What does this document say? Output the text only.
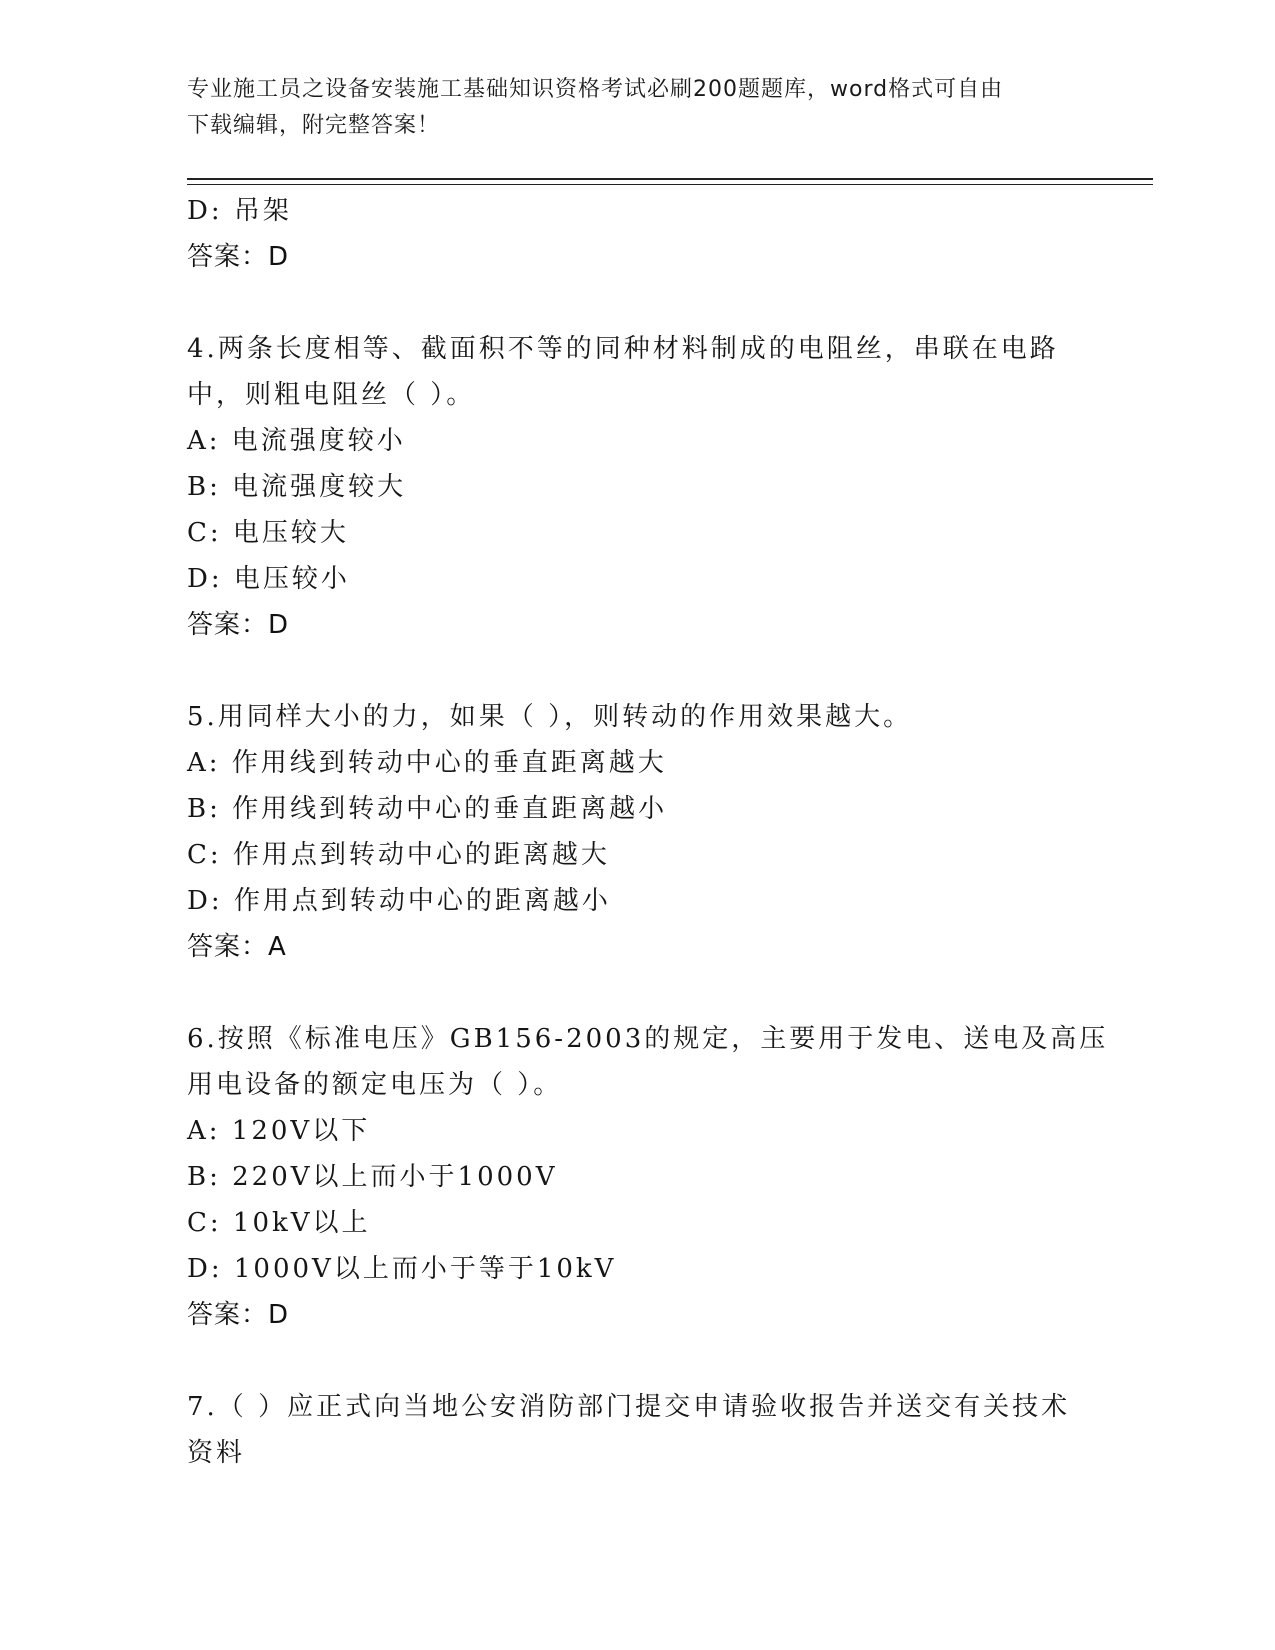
专业施工员之设备安装施工基础知识资格考试必刷200题题库，word格式可自由
下载编辑，附完整答案！
D: 吊架
答案：D
4.两条长度相等、截面积不等的同种材料制成的电阻丝，串联在电路
中，则粗电阻丝（ ）。
A: 电流强度较小
B: 电流强度较大
C: 电压较大
D: 电压较小
答案：D
5.用同样大小的力，如果（ ），则转动的作用效果越大。
A: 作用线到转动中心的垂直距离越大
B: 作用线到转动中心的垂直距离越小
C: 作用点到转动中心的距离越大
D: 作用点到转动中心的距离越小
答案：A
6.按照《标准电压》GB156-2003的规定，主要用于发电、送电及高压
用电设备的额定电压为（ ）。
A: 120V以下
B: 220V以上而小于1000V
C: 10kV以上
D: 1000V以上而小于等于10kV
答案：D
7.（ ）应正式向当地公安消防部门提交申请验收报告并送交有关技术
资料
